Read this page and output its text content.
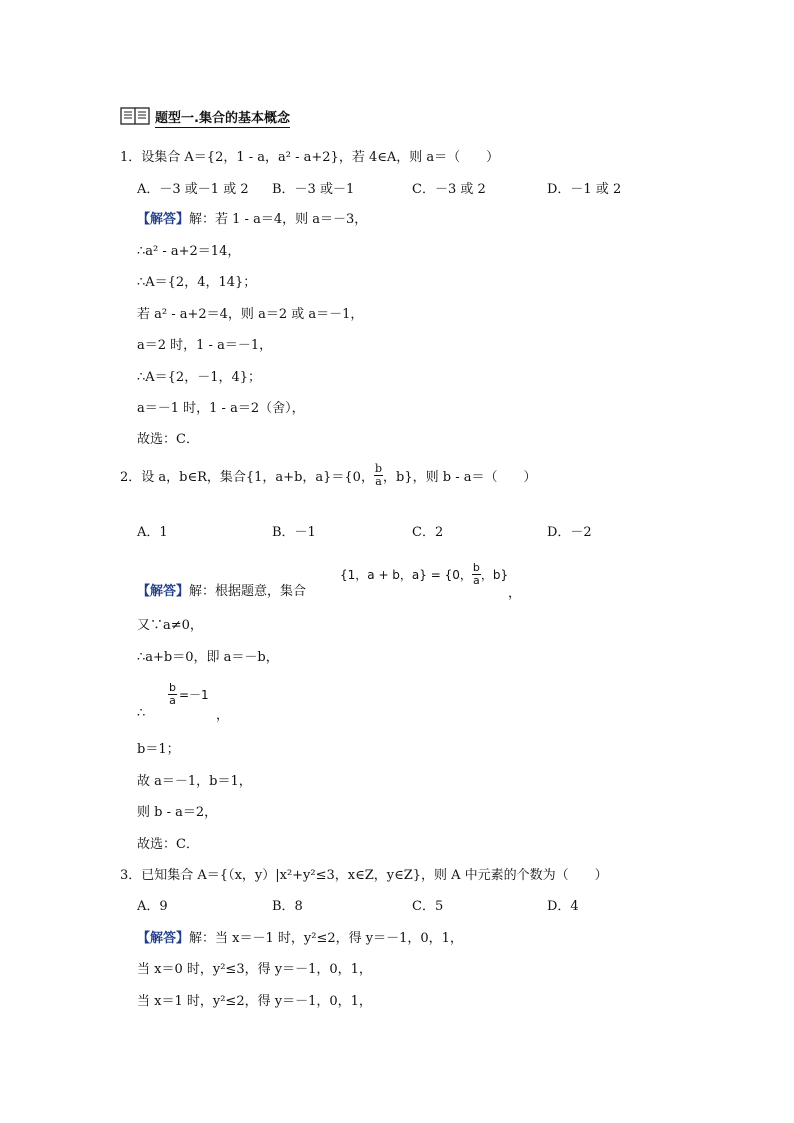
题型一.集合的基本概念
1．设集合 A＝{2，1 - a，a² - a+2}，若 4∈A，则 a＝（　　）
A．－3 或－1 或 2 B．－3 或－1	C．－3 或 2	D．－1 或 2
【解答】解：若 1 - a＝4，则 a＝－3，
∴a² - a+2＝14，
∴A＝{2，4，14}；
若 a² - a+2＝4，则 a＝2 或 a＝－1，
a＝2 时，1 - a＝－1，
∴A＝{2，－1，4}；
a＝－1 时，1 - a＝2（舍），
故选：C．
2．设 a，b∈R，集合{1，a+b，a}＝{0， $\frac{b}{a}$ ，b}，则 b - a＝（　　）
A．1	B．－1	C．2	D．－2
【解答】解：根据题意，集合
{1，a + b，a} = {0， $\frac{b}{a}$ ，b}
，
又∵a≠0，
∴a+b＝0，即 a＝－b，
∴
$\frac{b}{a} =-1$
，
b＝1；
故 a＝－1，b＝1，
则 b - a＝2，
故选：C．
3．已知集合 A＝{（x，y）|x²+y²≤3，x∈Z，y∈Z}，则 A 中元素的个数为（　　）
A．9	B．8	C．5	D．4
【解答】解：当 x＝－1 时，y²≤2，得 y＝－1，0，1，
当 x＝0 时，y²≤3，得 y＝－1，0，1，
当 x＝1 时，y²≤2，得 y＝－1，0，1，
